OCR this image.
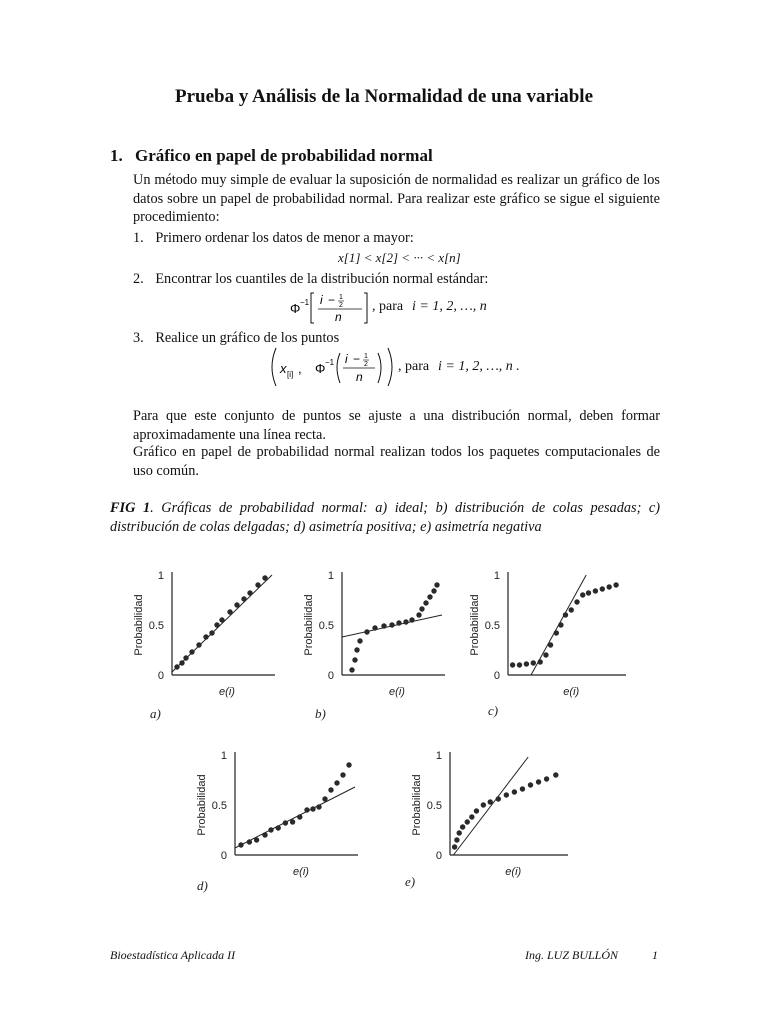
Prueba y Análisis de la Normalidad de una variable
1. Gráfico en papel de probabilidad normal
Un método muy simple de evaluar la suposición de normalidad es realizar un gráfico de los datos sobre un papel de probabilidad normal. Para realizar este gráfico se sigue el siguiente procedimiento:
1. Primero ordenar los datos de menor a mayor:
x[1] < x[2] < ··· < x[n]
2. Encontrar los cuantiles de la distribución normal estándar:
Φ −1 i − 1
2
n
, para i = 1, 2, …, n
3. Realice un gráfico de los puntos
x [i] , Φ −1 i − 1
2
n
, para i = 1, 2, …, n .
Para que este conjunto de puntos se ajuste a una distribución normal, deben formar aproximadamente una línea recta.
Gráfico en papel de probabilidad normal realizan todos los paquetes computacionales de uso común.
FIG 1. Gráficas de probabilidad normal: a) ideal; b) distribución de colas pesadas; c) distribución de colas delgadas; d) asimetría positiva; e) asimetría negativa
1
0.5
0
Probabilidad
e(i)
a)
1
0.5
0
Probabilidad
e(i)
b)
1
0.5
0
Probabilidad
e(i)
c)
1
0.5
0
Probabilidad
e(i)
d)
1
0.5
0
Probabilidad
e(i)
e)
Bioestadística Aplicada II	Ing. LUZ BULLÓN	1
